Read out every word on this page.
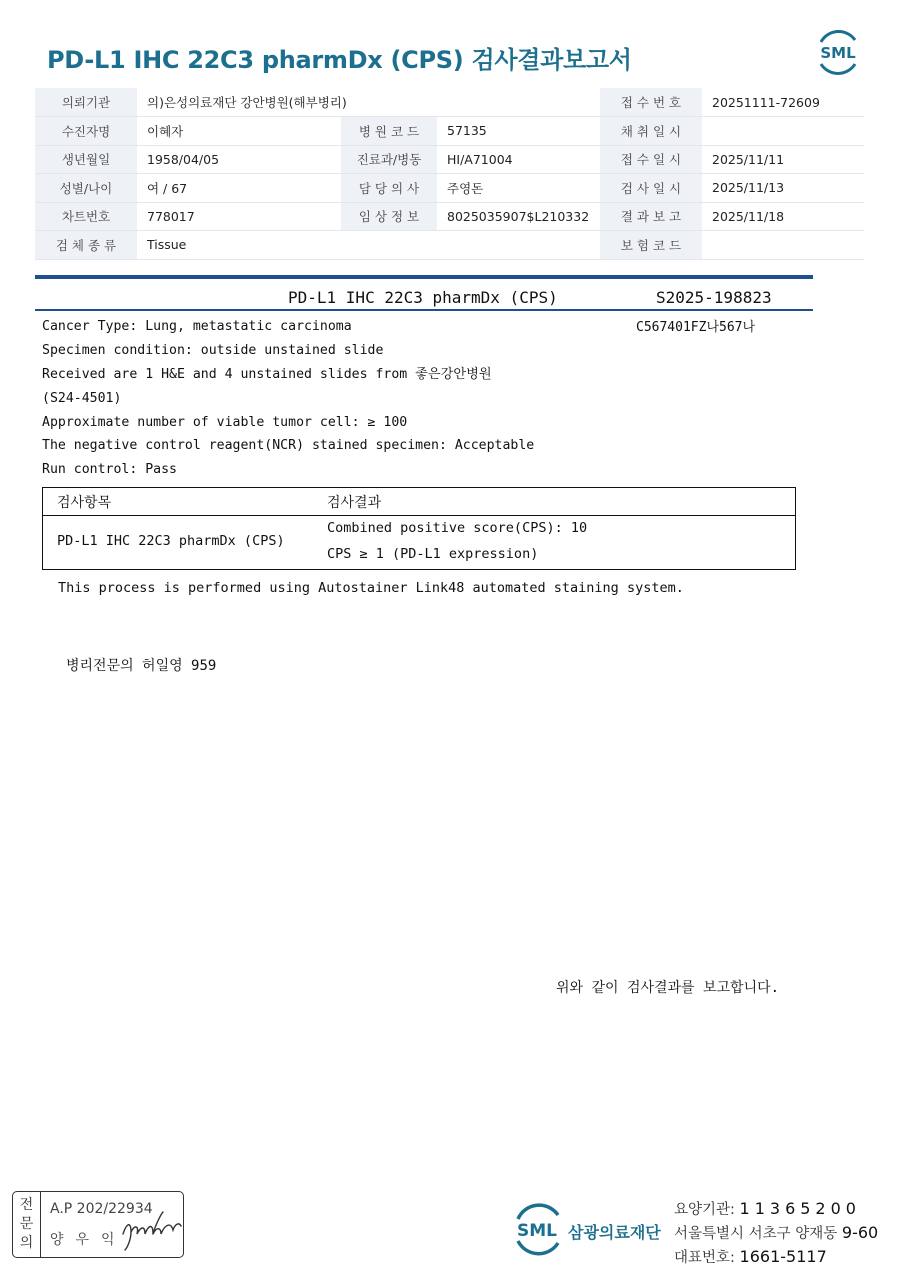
PD-L1 IHC 22C3 pharmDx (CPS) 검사결과보고서	SML
의뢰기관	의)은성의료재단 강안병원(해부병리)			접 수 번 호	20251111-72609
수진자명	이혜자	병 원 코 드	57135	채 취 일 시	
생년월일	1958/04/05	진료과/병동	HI/A71004	접 수 일 시	2025/11/11
성별/나이	여 / 67	담 당 의 사	주영돈	검 사 일 시	2025/11/13
차트번호	778017	임 상 정 보	8025035907$L210332	결 과 보 고	2025/11/18
검 체 종 류	Tissue			보 험 코 드	
PD-L1 IHC 22C3 pharmDx (CPS)	S2025-198823
C567401FZ나567나
Cancer Type: Lung, metastatic carcinoma
Specimen condition: outside unstained slide
Received are 1 H&E and 4 unstained slides from 좋은강안병원
(S24-4501)
Approximate number of viable tumor cell: ≥ 100
The negative control reagent(NCR) stained specimen: Acceptable
Run control: Pass
검사항목	검사결과
PD-L1 IHC 22C3 pharmDx (CPS)
Combined positive score(CPS): 10
CPS ≥ 1 (PD-L1 expression)
This process is performed using Autostainer Link48 automated staining system.
병리전문의 허일영 959
위와 같이 검사결과를 보고합니다.
전
문
의
A.P 202/22934
양우익	SML 삼광의료재단
요양기관: 11365200
서울특별시 서초구 양재동 9-60
대표번호: 1661-5117
